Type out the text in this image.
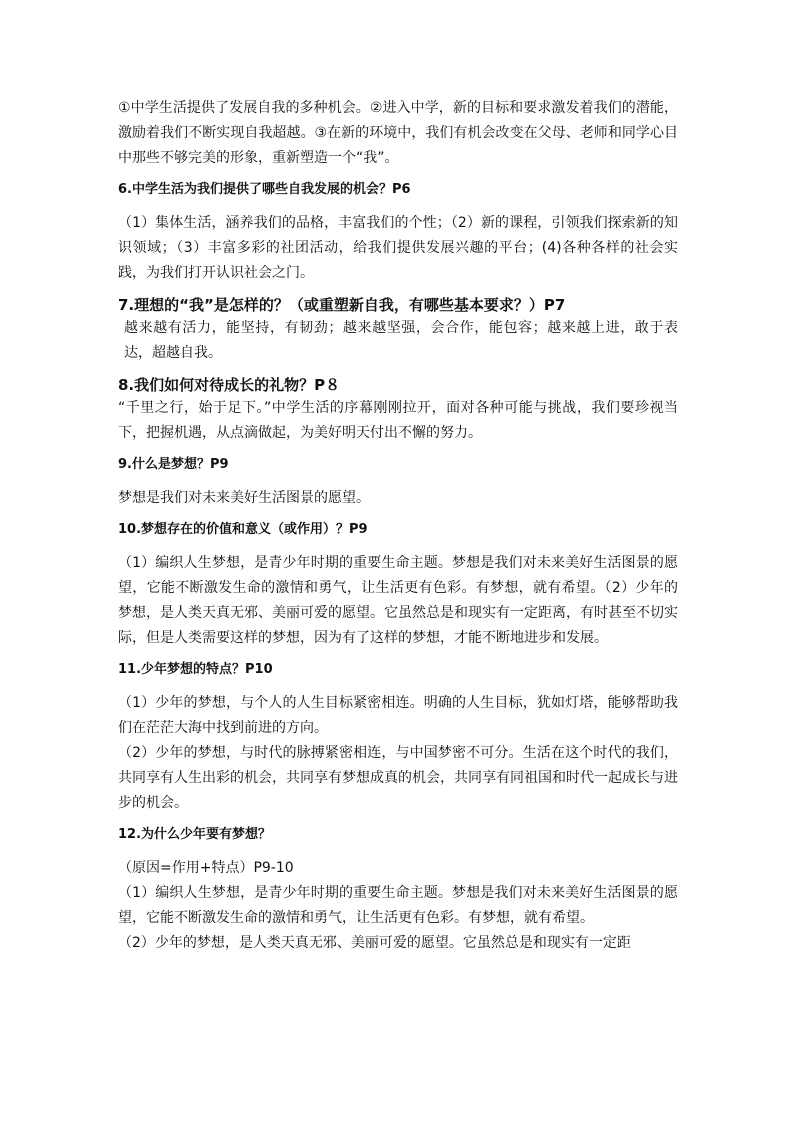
①中学生活提供了发展自我的多种机会。②进入中学，新的目标和要求激发着我们的潜能，激励着我们不断实现自我超越。③在新的环境中，我们有机会改变在父母、老师和同学心目中那些不够完美的形象，重新塑造一个“我”。

6.中学生活为我们提供了哪些自我发展的机会？P6

（1）集体生活，涵养我们的品格，丰富我们的个性；（2）新的课程，引领我们探索新的知识领域；（3）丰富多彩的社团活动，给我们提供发展兴趣的平台；(4)各种各样的社会实践，为我们打开认识社会之门。

7.理想的“我”是怎样的？（或重塑新自我，有哪些基本要求？）P7

越来越有活力，能坚持，有韧劲；越来越坚强，会合作，能包容；越来越上进，敢于表达，超越自我。

8.我们如何对待成长的礼物？P８

“千里之行，始于足下。”中学生活的序幕刚刚拉开，面对各种可能与挑战，我们要珍视当下，把握机遇，从点滴做起，为美好明天付出不懈的努力。

9.什么是梦想？P9

梦想是我们对未来美好生活图景的愿望。

10.梦想存在的价值和意义（或作用）？P9

（1）编织人生梦想，是青少年时期的重要生命主题。梦想是我们对未来美好生活图景的愿望，它能不断激发生命的激情和勇气，让生活更有色彩。有梦想，就有希望。（2）少年的梦想，是人类天真无邪、美丽可爱的愿望。它虽然总是和现实有一定距离，有时甚至不切实际，但是人类需要这样的梦想，因为有了这样的梦想，才能不断地进步和发展。

11.少年梦想的特点？P10

（1）少年的梦想，与个人的人生目标紧密相连。明确的人生目标，犹如灯塔，能够帮助我们在茫茫大海中找到前进的方向。

（2）少年的梦想，与时代的脉搏紧密相连，与中国梦密不可分。生活在这个时代的我们，共同享有人生出彩的机会，共同享有梦想成真的机会，共同享有同祖国和时代一起成长与进步的机会。

12.为什么少年要有梦想？

（原因=作用+特点）P9-10

（1）编织人生梦想，是青少年时期的重要生命主题。梦想是我们对未来美好生活图景的愿望，它能不断激发生命的激情和勇气，让生活更有色彩。有梦想，就有希望。

（2）少年的梦想，是人类天真无邪、美丽可爱的愿望。它虽然总是和现实有一定距
